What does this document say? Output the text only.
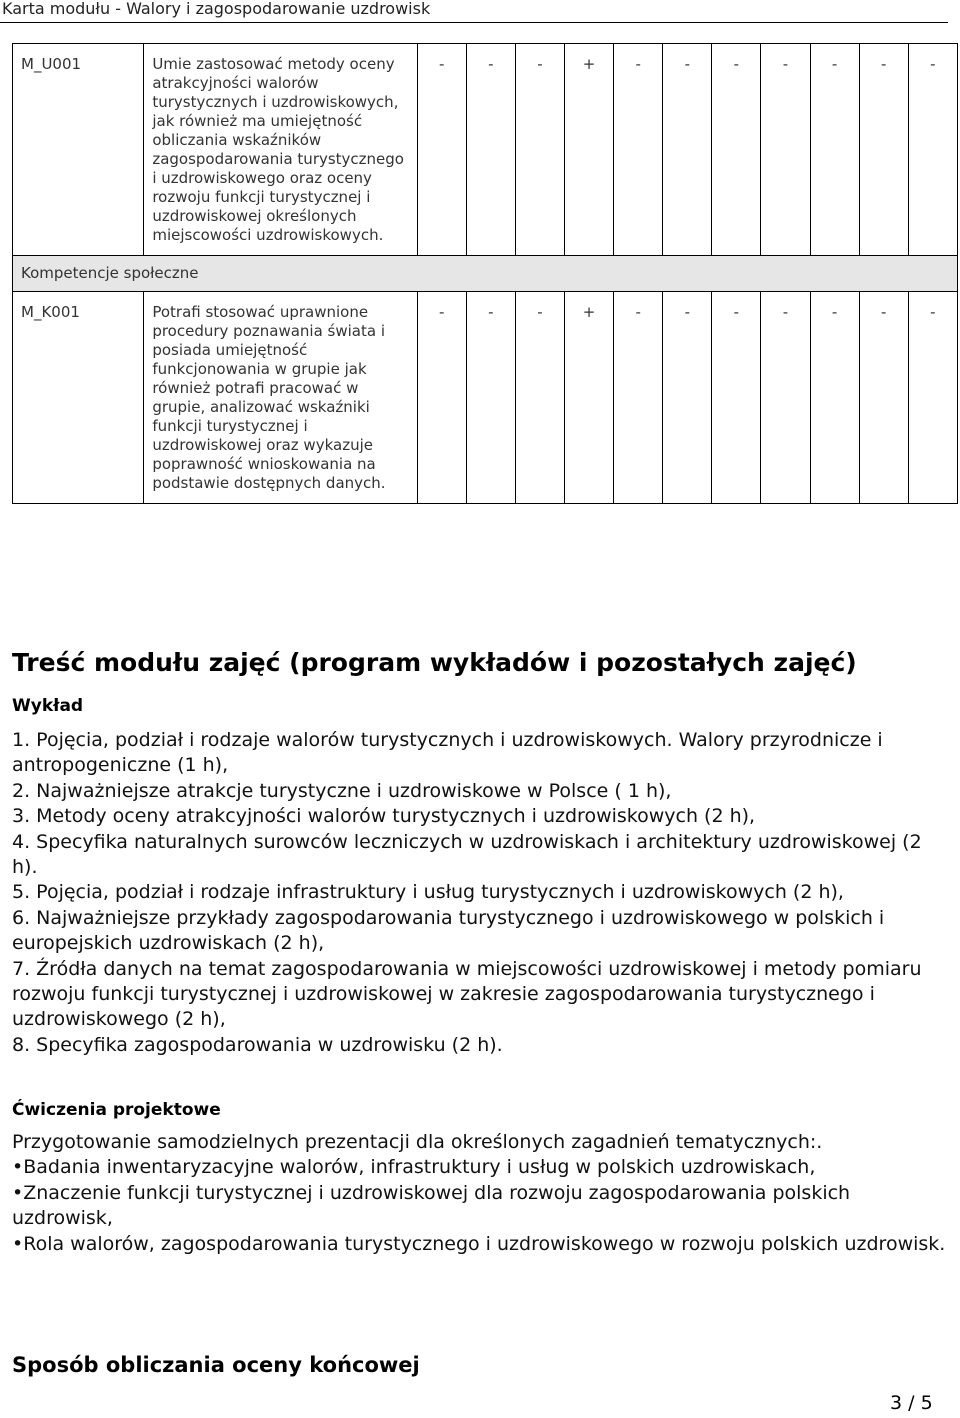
Karta modułu - Walory i zagospodarowanie uzdrowisk
M_U001	Umie zastosować metody oceny atrakcyjności walorów turystycznych i uzdrowiskowych, jak również ma umiejętność obliczania wskaźników zagospodarowania turystycznego i uzdrowiskowego oraz oceny rozwoju funkcji turystycznej i uzdrowiskowej określonych miejscowości uzdrowiskowych.	-	-	-	+	-	-	-	-	-	-	-
Kompetencje społeczne												
M_K001	Potrafi stosować uprawnione procedury poznawania świata i posiada umiejętność funkcjonowania w grupie jak również potrafi pracować w grupie, analizować wskaźniki funkcji turystycznej i uzdrowiskowej oraz wykazuje poprawność wnioskowania na podstawie dostępnych danych.	-	-	-	+	-	-	-	-	-	-	-
Treść modułu zajęć (program wykładów i pozostałych zajęć)
Wykład

1. Pojęcia, podział i rodzaje walorów turystycznych i uzdrowiskowych. Walory przyrodnicze i antropogeniczne (1 h),

2. Najważniejsze atrakcje turystyczne i uzdrowiskowe w Polsce ( 1 h),

3. Metody oceny atrakcyjności walorów turystycznych i uzdrowiskowych (2 h),

4. Specyfika naturalnych surowców leczniczych w uzdrowiskach i architektury uzdrowiskowej (2 h).

5. Pojęcia, podział i rodzaje infrastruktury i usług turystycznych i uzdrowiskowych (2 h),

6. Najważniejsze przykłady zagospodarowania turystycznego i uzdrowiskowego w polskich i europejskich uzdrowiskach (2 h),

7. Źródła danych na temat zagospodarowania w miejscowości uzdrowiskowej i metody pomiaru rozwoju funkcji turystycznej i uzdrowiskowej w zakresie zagospodarowania turystycznego i uzdrowiskowego (2 h),

8. Specyfika zagospodarowania w uzdrowisku (2 h).

Ćwiczenia projektowe

Przygotowanie samodzielnych prezentacji dla określonych zagadnień tematycznych:.

• Badania inwentaryzacyjne walorów, infrastruktury i usług w polskich uzdrowiskach,

• Znaczenie funkcji turystycznej i uzdrowiskowej dla rozwoju zagospodarowania polskich uzdrowisk,

• Rola walorów, zagospodarowania turystycznego i uzdrowiskowego w rozwoju polskich uzdrowisk.

Sposób obliczania oceny końcowej
3 / 5
